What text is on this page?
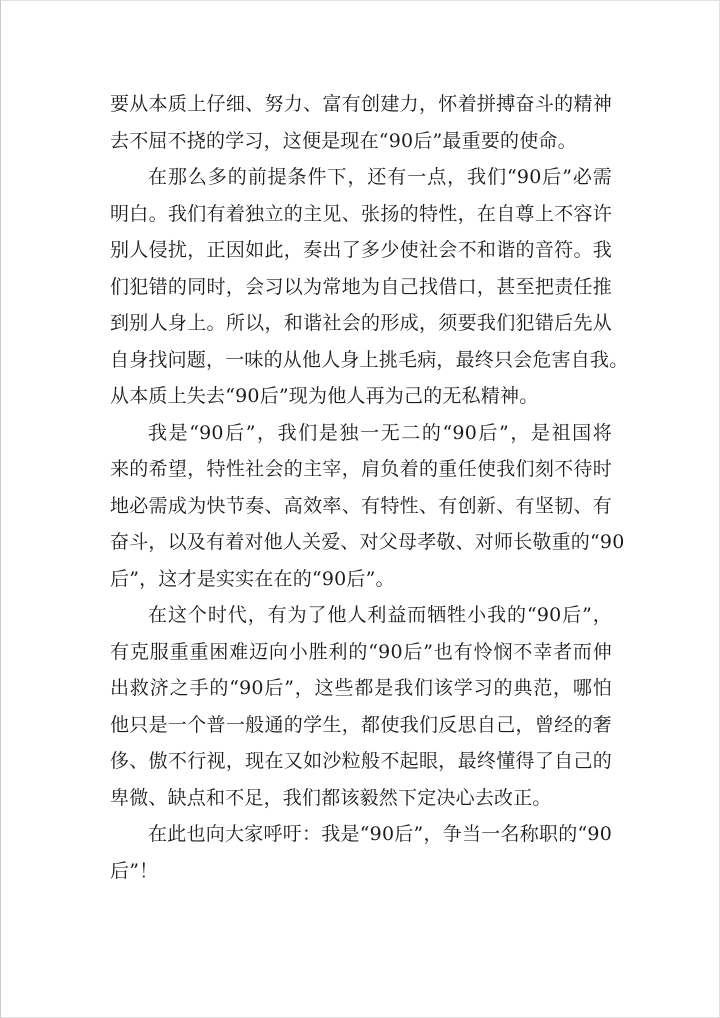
要从本质上仔细、努力、富有创建力，怀着拼搏奋斗的精神
去不屈不挠的学习，这便是现在“90后”最重要的使命。
在那么多的前提条件下，还有一点，我们“90后”必需
明白。我们有着独立的主见、张扬的特性，在自尊上不容许
别人侵扰，正因如此，奏出了多少使社会不和谐的音符。我
们犯错的同时，会习以为常地为自己找借口，甚至把责任推
到别人身上。所以，和谐社会的形成，须要我们犯错后先从
自身找问题，一味的从他人身上挑毛病，最终只会危害自我。
从本质上失去“90后”现为他人再为己的无私精神。
我是“90后”，我们是独一无二的“90后”，是祖国将
来的希望，特性社会的主宰，肩负着的重任使我们刻不待时
地必需成为快节奏、高效率、有特性、有创新、有坚韧、有
奋斗，以及有着对他人关爱、对父母孝敬、对师长敬重的“90
后”，这才是实实在在的“90后”。
在这个时代，有为了他人利益而牺牲小我的“90后”，
有克服重重困难迈向小胜利的“90后”也有怜悯不幸者而伸
出救济之手的“90后”，这些都是我们该学习的典范，哪怕
他只是一个普一般通的学生，都使我们反思自己，曾经的奢
侈、傲不行视，现在又如沙粒般不起眼，最终懂得了自己的
卑微、缺点和不足，我们都该毅然下定决心去改正。
在此也向大家呼吁：我是“90后”，争当一名称职的“90
后”！
